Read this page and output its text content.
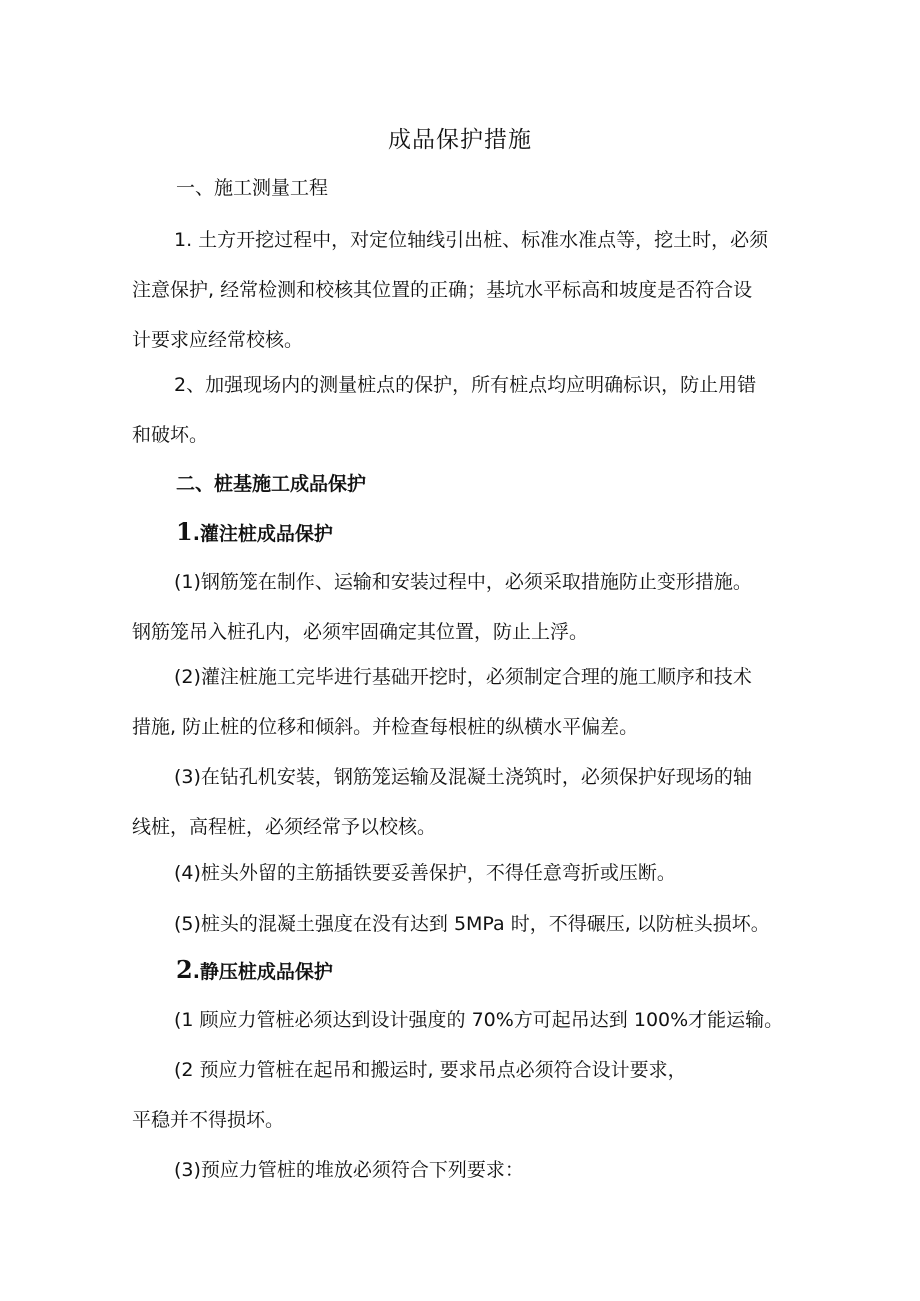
成品保护措施
一、施工测量工程
1. 土方开挖过程中，对定位轴线引出桩、标准水准点等，挖土时，必须
注意保护, 经常检测和校核其位置的正确；基坑水平标高和坡度是否符合设
计要求应经常校核。
2、加强现场内的测量桩点的保护，所有桩点均应明确标识，防止用错
和破坏。
二、桩基施工成品保护
1.灌注桩成品保护
(1)钢筋笼在制作、运输和安装过程中，必须采取措施防止变形措施。
钢筋笼吊入桩孔内，必须牢固确定其位置，防止上浮。
(2)灌注桩施工完毕进行基础开挖时，必须制定合理的施工顺序和技术
措施, 防止桩的位移和倾斜。并检查每根桩的纵横水平偏差。
(3)在钻孔机安装，钢筋笼运输及混凝土浇筑时，必须保护好现场的轴
线桩，高程桩，必须经常予以校核。
(4)桩头外留的主筋插铁要妥善保护，不得任意弯折或压断。
(5)桩头的混凝土强度在没有达到 5MPa 时，不得碾压, 以防桩头损坏。
2.静压桩成品保护
(1 顾应力管桩必须达到设计强度的 70%方可起吊达到 100%才能运输。
(2 预应力管桩在起吊和搬运时, 要求吊点必须符合设计要求，
平稳并不得损坏。
(3)预应力管桩的堆放必须符合下列要求：
